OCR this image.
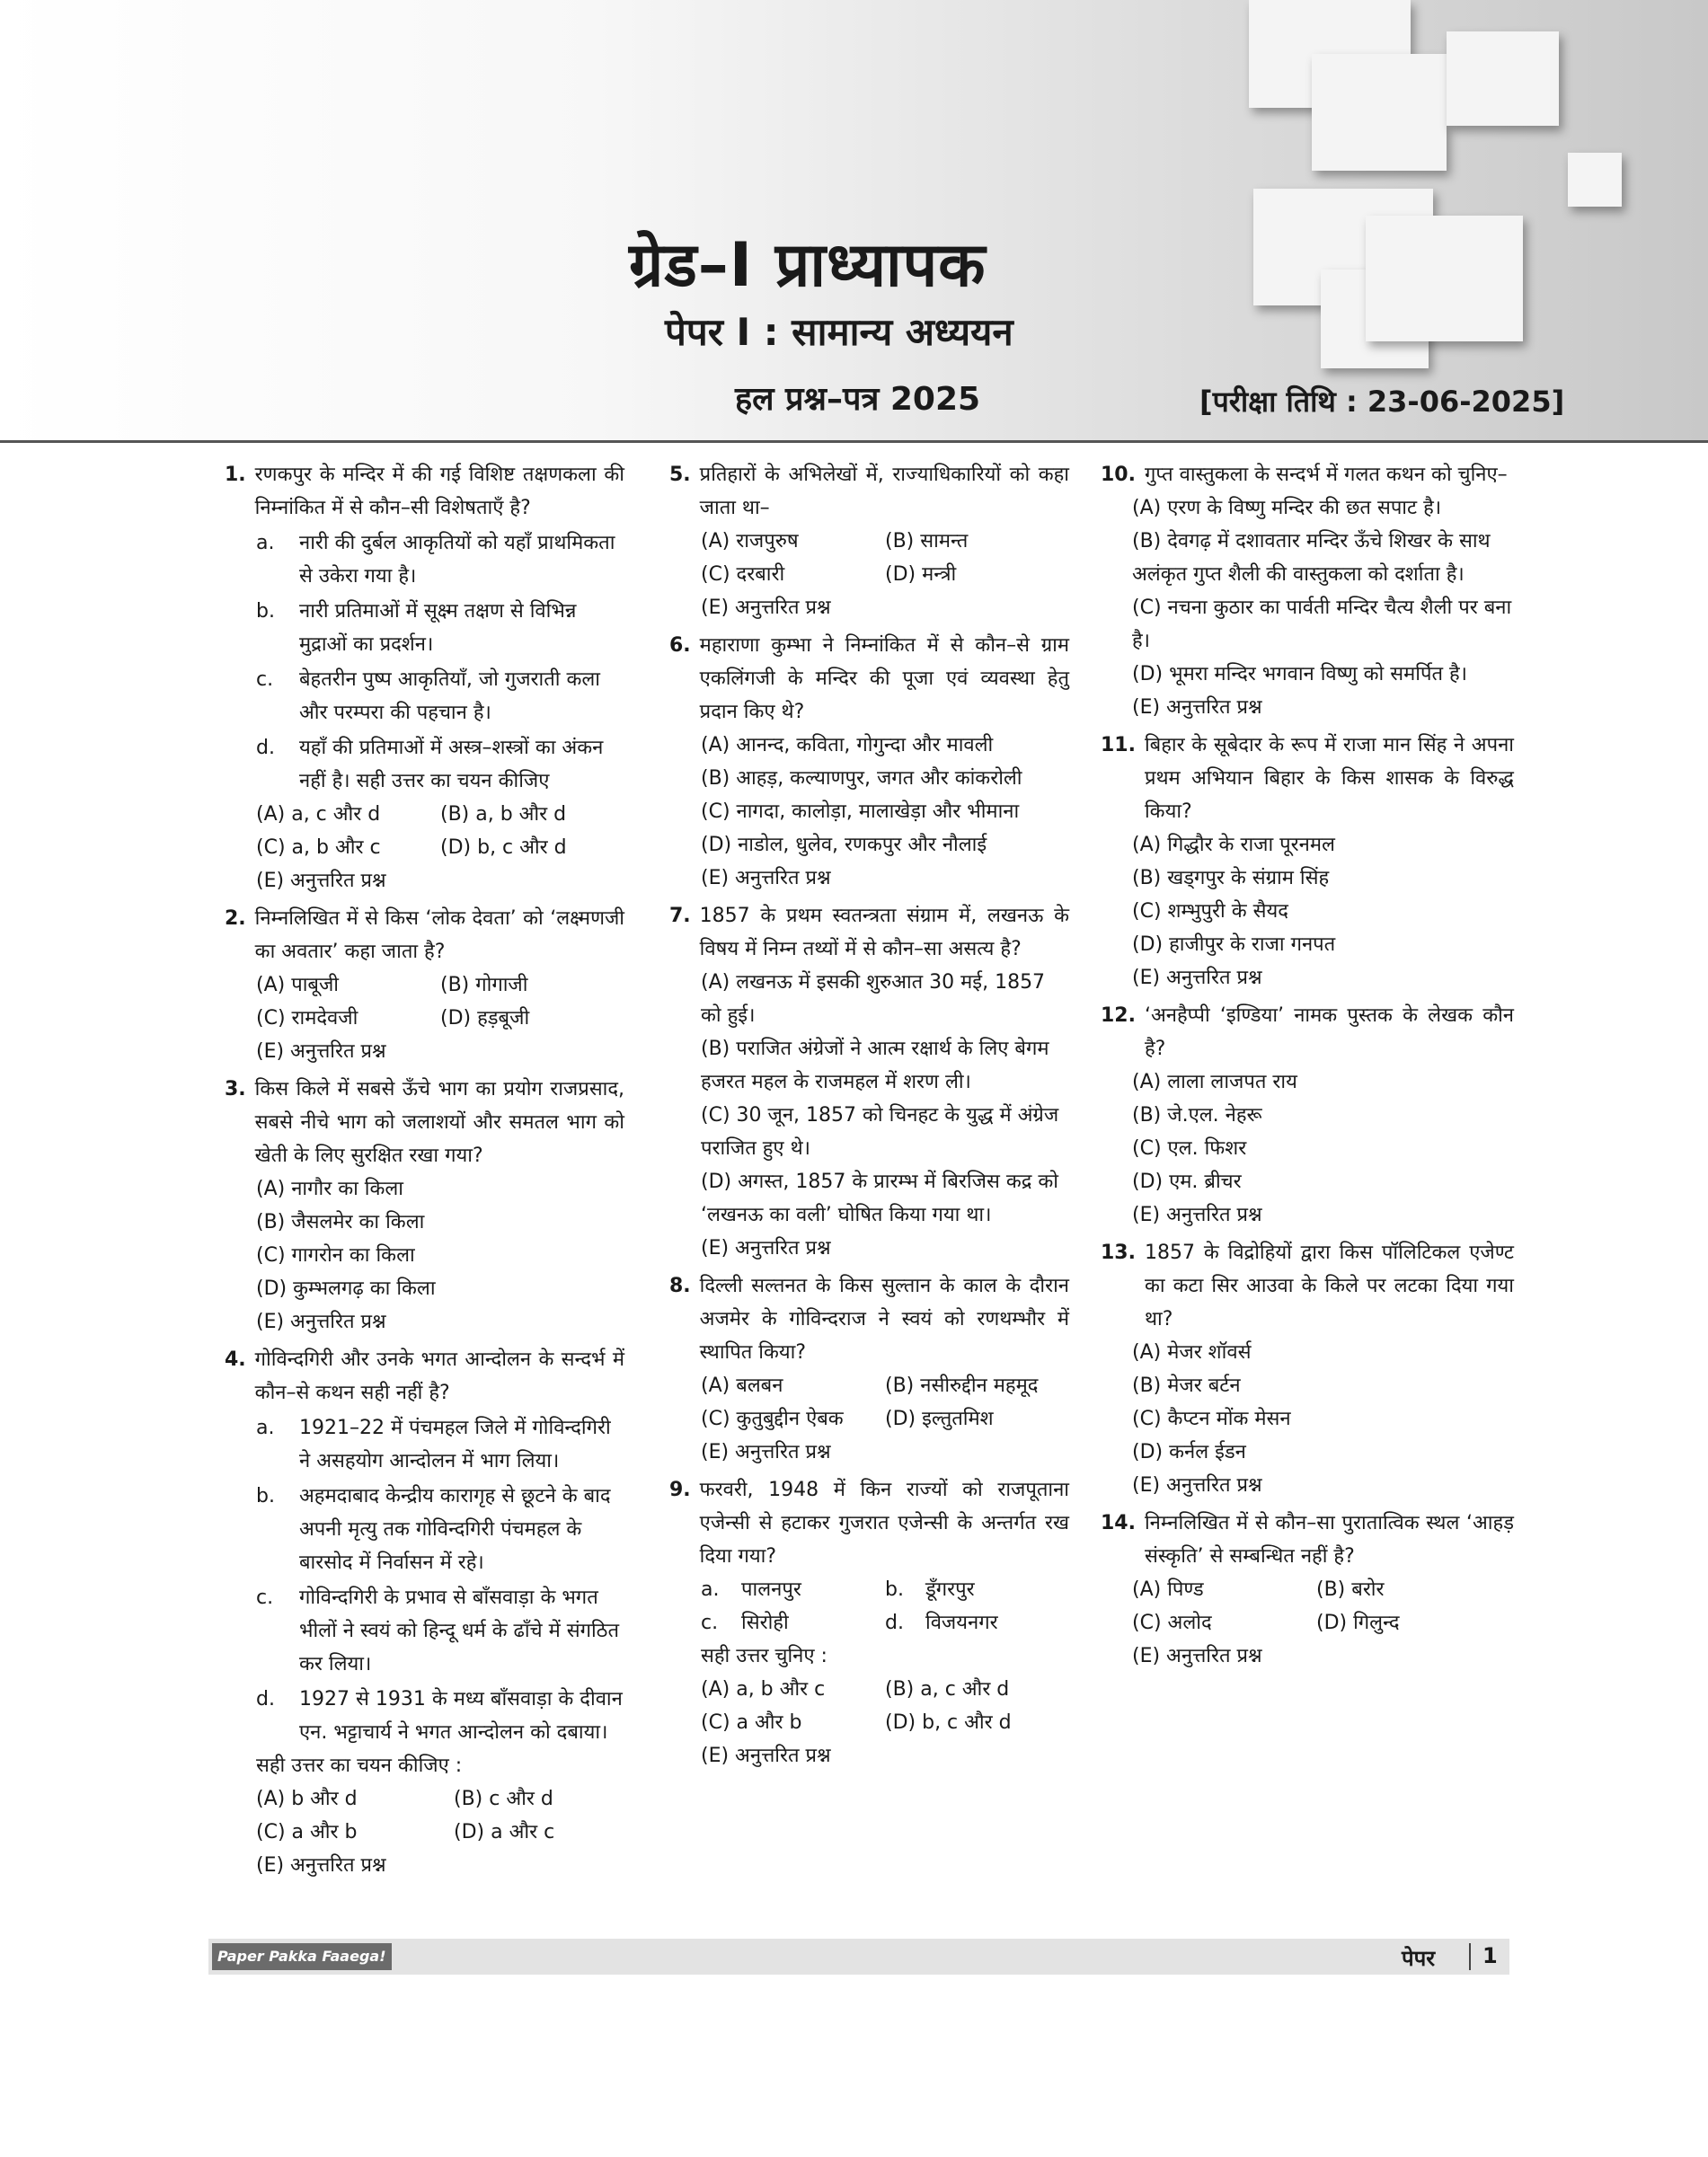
ग्रेड–I प्राध्यापक
पेपर I : सामान्य अध्ययन
हल प्रश्न–पत्र 2025	[परीक्षा तिथि : 23-06-2025]
1. रणकपुर के मन्दिर में की गई विशिष्ट तक्षणकला की निम्नांकित में से कौन–सी विशेषताएँ है?
a.	नारी की दुर्बल आकृतियों को यहाँ प्राथमिकता से उकेरा गया है।
b.	नारी प्रतिमाओं में सूक्ष्म तक्षण से विभिन्न मुद्राओं का प्रदर्शन।
c.	बेहतरीन पुष्प आकृतियाँ, जो गुजराती कला और परम्परा की पहचान है।
d.	यहाँ की प्रतिमाओं में अस्त्र–शस्त्रों का अंकन नहीं है। सही उत्तर का चयन कीजिए
(A) a, c और d	(B) a, b और d
(C) a, b और c	(D) b, c और d
(E) अनुत्तरित प्रश्न
2. निम्नलिखित में से किस ‘लोक देवता’ को ‘लक्ष्मणजी का अवतार’ कहा जाता है?
(A) पाबूजी	(B) गोगाजी
(C) रामदेवजी	(D) हड़बूजी
(E) अनुत्तरित प्रश्न
3. किस किले में सबसे ऊँचे भाग का प्रयोग राजप्रसाद, सबसे नीचे भाग को जलाशयों और समतल भाग को खेती के लिए सुरक्षित रखा गया?
(A) नागौर का किला
(B) जैसलमेर का किला
(C) गागरोन का किला
(D) कुम्भलगढ़ का किला
(E) अनुत्तरित प्रश्न
4. गोविन्दगिरी और उनके भगत आन्दोलन के सन्दर्भ में कौन–से कथन सही नहीं है?
a.	1921–22 में पंचमहल जिले में गोविन्दगिरी ने असहयोग आन्दोलन में भाग लिया।
b.	अहमदाबाद केन्द्रीय कारागृह से छूटने के बाद अपनी मृत्यु तक गोविन्दगिरी पंचमहल के बारसोद में निर्वासन में रहे।
c.	गोविन्दगिरी के प्रभाव से बाँसवाड़ा के भगत भीलों ने स्वयं को हिन्दू धर्म के ढाँचे में संगठित कर लिया।
d.	1927 से 1931 के मध्य बाँसवाड़ा के दीवान एन. भट्टाचार्य ने भगत आन्दोलन को दबाया।
सही उत्तर का चयन कीजिए :
(A) b और d	(B) c और d
(C) a और b	(D) a और c
(E) अनुत्तरित प्रश्न
5. प्रतिहारों के अभिलेखों में, राज्याधिकारियों को कहा जाता था–
(A) राजपुरुष	(B) सामन्त
(C) दरबारी	(D) मन्त्री
(E) अनुत्तरित प्रश्न
6. महाराणा कुम्भा ने निम्नांकित में से कौन–से ग्राम एकलिंगजी के मन्दिर की पूजा एवं व्यवस्था हेतु प्रदान किए थे?
(A) आनन्द, कविता, गोगुन्दा और मावली
(B) आहड़, कल्याणपुर, जगत और कांकरोली
(C) नागदा, कालोड़ा, मालाखेड़ा और भीमाना
(D) नाडोल, धुलेव, रणकपुर और नौलाई
(E) अनुत्तरित प्रश्न
7. 1857 के प्रथम स्वतन्त्रता संग्राम में, लखनऊ के विषय में निम्न तथ्यों में से कौन–सा असत्य है?
(A) लखनऊ में इसकी शुरुआत 30 मई, 1857 को हुई।
(B) पराजित अंग्रेजों ने आत्म रक्षार्थ के लिए बेगम हजरत महल के राजमहल में शरण ली।
(C) 30 जून, 1857 को चिनहट के युद्ध में अंग्रेज पराजित हुए थे।
(D) अगस्त, 1857 के प्रारम्भ में बिरजिस कद्र को ‘लखनऊ का वली’ घोषित किया गया था।
(E) अनुत्तरित प्रश्न
8. दिल्ली सल्तनत के किस सुल्तान के काल के दौरान अजमेर के गोविन्दराज ने स्वयं को रणथम्भौर में स्थापित किया?
(A) बलबन	(B) नसीरुद्दीन महमूद
(C) कुतुबुद्दीन ऐबक	(D) इल्तुतमिश
(E) अनुत्तरित प्रश्न
9. फरवरी, 1948 में किन राज्यों को राजपूताना एजेन्सी से हटाकर गुजरात एजेन्सी के अन्तर्गत रख दिया गया?
a.	पालनपुर	b.	डूँगरपुर
c.	सिरोही	d.	विजयनगर
सही उत्तर चुनिए :
(A) a, b और c	(B) a, c और d
(C) a और b	(D) b, c और d
(E) अनुत्तरित प्रश्न
10. गुप्त वास्तुकला के सन्दर्भ में गलत कथन को चुनिए–
(A) एरण के विष्णु मन्दिर की छत सपाट है।
(B) देवगढ़ में दशावतार मन्दिर ऊँचे शिखर के साथ अलंकृत गुप्त शैली की वास्तुकला को दर्शाता है।
(C) नचना कुठार का पार्वती मन्दिर चैत्य शैली पर बना है।
(D) भूमरा मन्दिर भगवान विष्णु को समर्पित है।
(E) अनुत्तरित प्रश्न
11. बिहार के सूबेदार के रूप में राजा मान सिंह ने अपना प्रथम अभियान बिहार के किस शासक के विरुद्ध किया?
(A) गिद्धौर के राजा पूरनमल
(B) खड्गपुर के संग्राम सिंह
(C) शम्भुपुरी के सैयद
(D) हाजीपुर के राजा गनपत
(E) अनुत्तरित प्रश्न
12. ‘अनहैप्पी ‘इण्डिया’ नामक पुस्तक के लेखक कौन है?
(A) लाला लाजपत राय
(B) जे.एल. नेहरू
(C) एल. फिशर
(D) एम. ब्रीचर
(E) अनुत्तरित प्रश्न
13. 1857 के विद्रोहियों द्वारा किस पॉलिटिकल एजेण्ट का कटा सिर आउवा के किले पर लटका दिया गया था?
(A) मेजर शॉवर्स
(B) मेजर बर्टन
(C) कैप्टन मोंक मेसन
(D) कर्नल ईडन
(E) अनुत्तरित प्रश्न
14. निम्नलिखित में से कौन–सा पुरातात्विक स्थल ‘आहड़ संस्कृति’ से सम्बन्धित नहीं है?
(A) पिण्ड	(B) बरोर
(C) अलोद	(D) गिलुन्द
(E) अनुत्तरित प्रश्न
Paper Pakka Faaega!	पेपर 1
